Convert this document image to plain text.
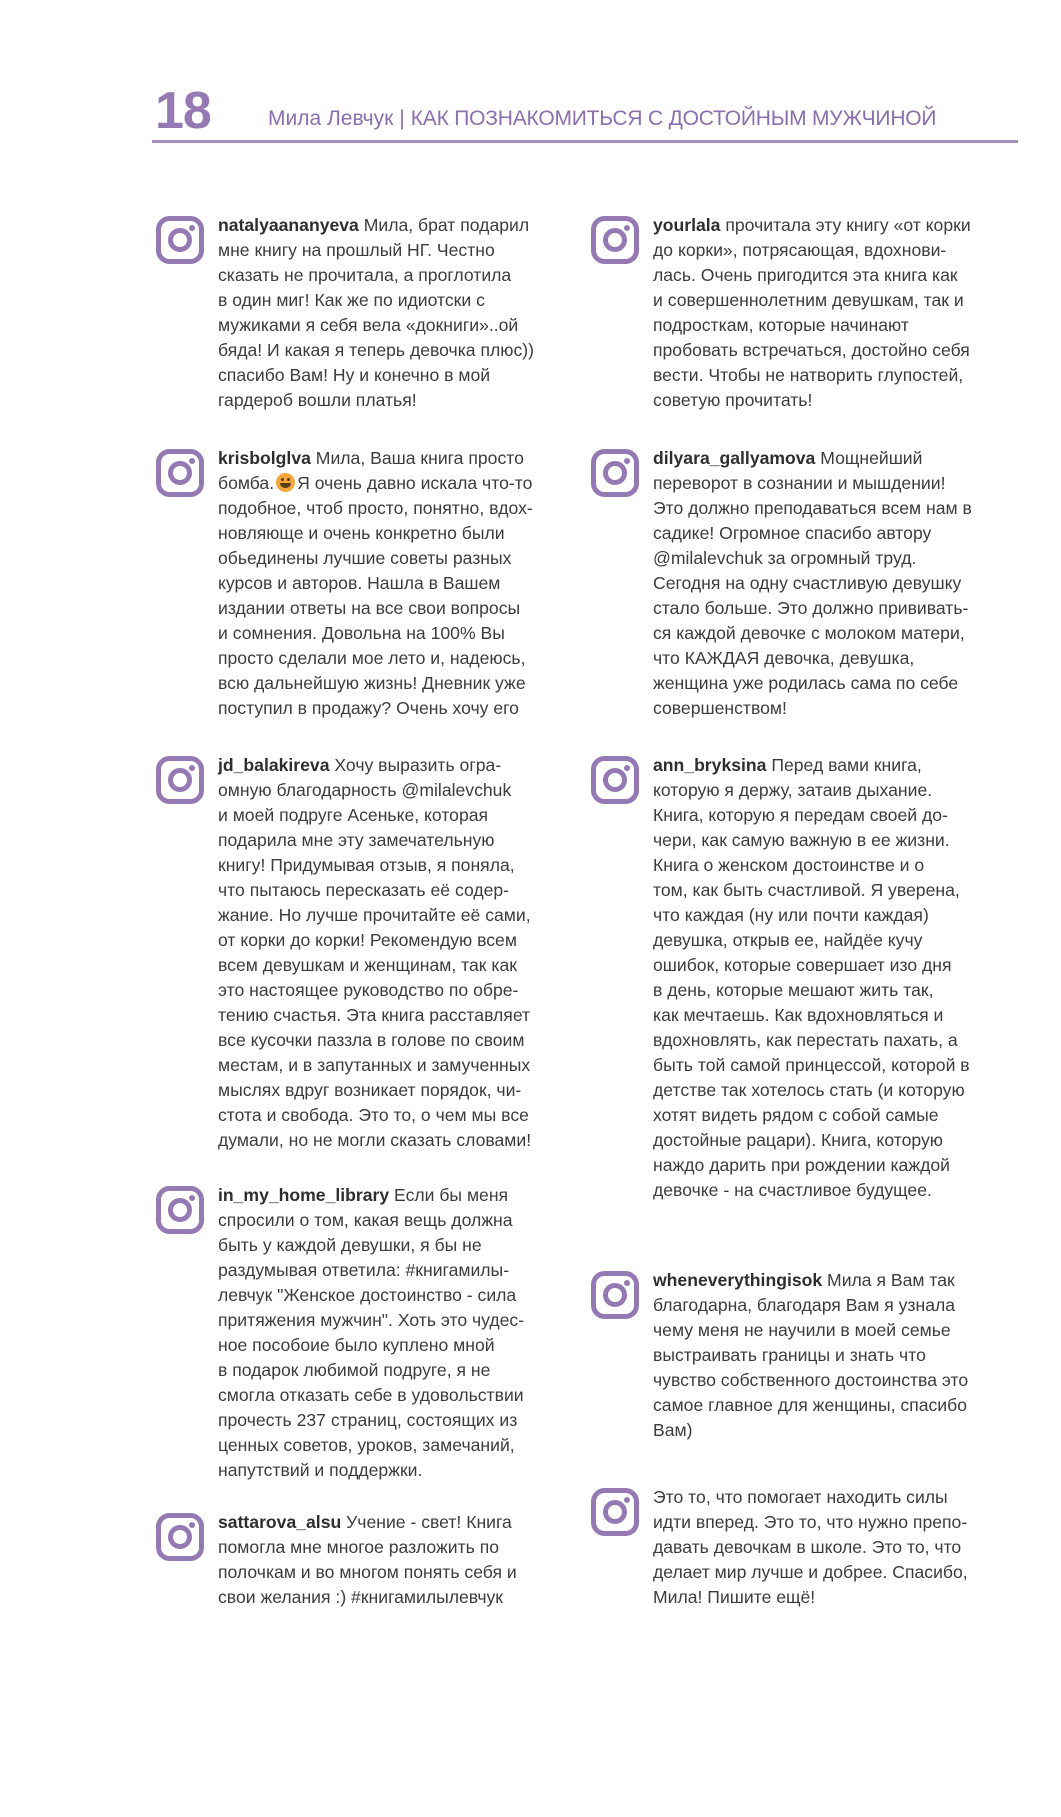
18	Мила Левчук | КАК ПОЗНАКОМИТЬСЯ С ДОСТОЙНЫМ МУЖЧИНОЙ

natalyaananyeva Мила, брат подарил

мне книгу на прошлый НГ. Честно

сказать не прочитала, а проглотила

в один миг! Как же по идиотски с

мужиками я себя вела «докниги»..ой

бяда! И какая я теперь девочка плюс))

спасибо Вам! Ну и конечно в мой

гардероб вошли платья!

yourlala прочитала эту книгу «от корки

до корки», потрясающая, вдохнови-

лась. Очень пригодится эта книга как

и совершеннолетним девушкам, так и

подросткам, которые начинают

пробовать встречаться, достойно себя

вести. Чтобы не натворить глупостей,

советую прочитать!

krisbolglva Мила, Ваша книга просто

бомба. Я очень давно искала что-то

подобное, чтоб просто, понятно, вдох-

новляюще и очень конкретно были

обьединены лучшие советы разных

курсов и авторов. Нашла в Вашем

издании ответы на все свои вопросы

и сомнения. Довольна на 100% Вы

просто сделали мое лето и, надеюсь,

всю дальнейшую жизнь! Дневник уже

поступил в продажу? Очень хочу его

dilyara_gallyamova Мощнейший

переворот в сознании и мышдении!

Это должно преподаваться всем нам в

садике! Огромное спасибо автору

@milalevchuk за огромный труд.

Сегодня на одну счастливую девушку

стало больше. Это должно прививать-

ся каждой девочке с молоком матери,

что КАЖДАЯ девочка, девушка,

женщина уже родилась сама по себе

совершенством!

jd_balakireva Хочу выразить огра-

омную благодарность @milalevchuk

и моей подруге Асеньке, которая

подарила мне эту замечательную

книгу! Придумывая отзыв, я поняла,

что пытаюсь пересказать её содер-

жание. Но лучше прочитайте её сами,

от корки до корки! Рекомендую всем

всем девушкам и женщинам, так как

это настоящее руководство по обре-

тению счастья. Эта книга расставляет

все кусочки паззла в голове по своим

местам, и в запутанных и замученных

мыслях вдруг возникает порядок, чи-

стота и свобода. Это то, о чем мы все

думали, но не могли сказать словами!

ann_bryksina Перед вами книга,

которую я держу, затаив дыхание.

Книга, которую я передам своей до-

чери, как самую важную в ее жизни.

Книга о женском достоинстве и о

том, как быть счастливой. Я уверена,

что каждая (ну или почти каждая)

девушка, открыв ее, найдёе кучу

ошибок, которые совершает изо дня

в день, которые мешают жить так,

как мечтаешь. Как вдохновляться и

вдохновлять, как перестать пахать, а

быть той самой принцессой, которой в

детстве так хотелось стать (и которую

хотят видеть рядом с собой самые

достойные рацари). Книга, которую

наждо дарить при рождении каждой

девочке - на счастливое будущее.

in_my_home_library Если бы меня

спросили о том, какая вещь должна

быть у каждой девушки, я бы не

раздумывая ответила: #книгамилы-

левчук "Женское достоинство - сила

притяжения мужчин". Хоть это чудес-

ное пособоие было куплено мной

в подарок любимой подруге, я не

смогла отказать себе в удовольствии

прочесть 237 страниц, состоящих из

ценных советов, уроков, замечаний,

напутствий и поддержки.

wheneverythingisok Мила я Вам так

благодарна, благодаря Вам я узнала

чему меня не научили в моей семье

выстраивать границы и знать что

чувство собственного достоинства это

самое главное для женщины, спасибо

Вам)

sattarova_alsu Учение - свет! Книга

помогла мне многое разложить по

полочкам и во многом понять себя и

свои желания :) #книгамилылевчук

Это то, что помогает находить силы

идти вперед. Это то, что нужно препо-

давать девочкам в школе. Это то, что

делает мир лучше и добрее. Спасибо,

Мила! Пишите ещё!
